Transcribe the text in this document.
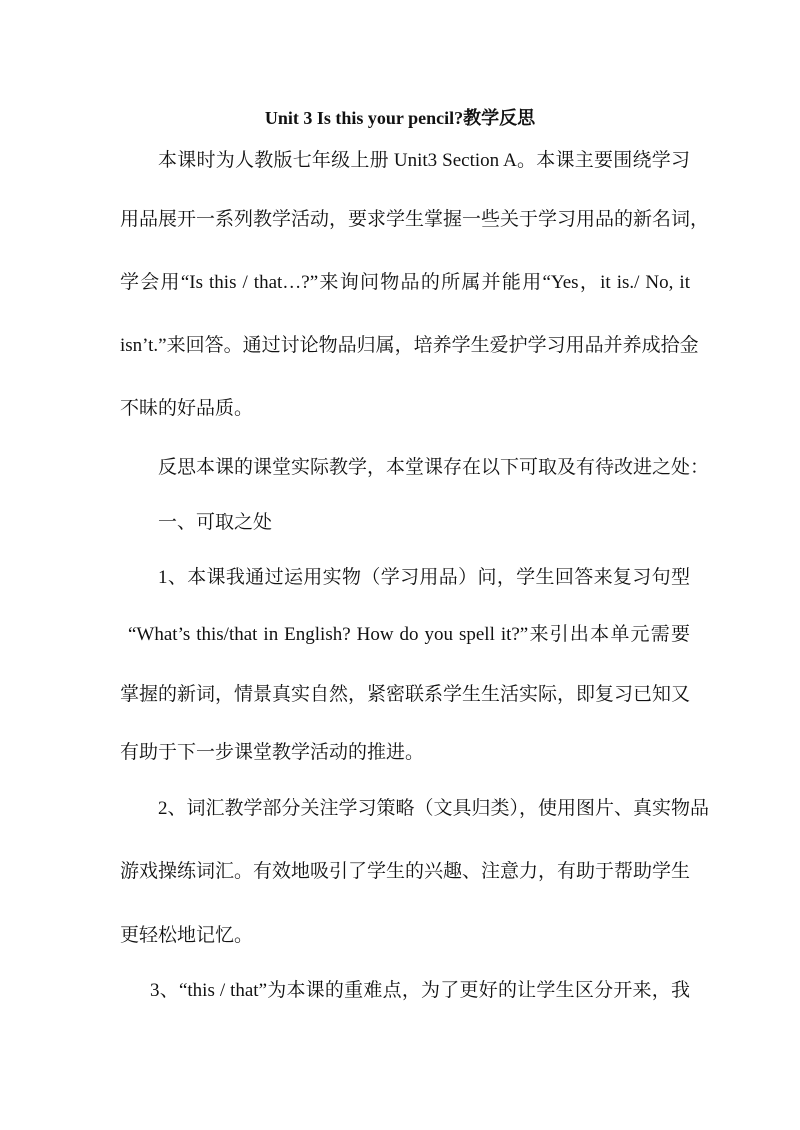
Unit 3 Is this your pencil?教学反思
本课时为人教版七年级上册 Unit3 Section A。本课主要围绕学习
用品展开一系列教学活动，要求学生掌握一些关于学习用品的新名词，
学会用“Is this / that…?”来询问物品的所属并能用“Yes，it is./ No, it
isn’t.”来回答。通过讨论物品归属，培养学生爱护学习用品并养成拾金
不昧的好品质。
反思本课的课堂实际教学，本堂课存在以下可取及有待改进之处：
一、可取之处
1、本课我通过运用实物（学习用品）问，学生回答来复习句型
“What’s this/that in English? How do you spell it?”来引出本单元需要
掌握的新词，情景真实自然，紧密联系学生生活实际，即复习已知又
有助于下一步课堂教学活动的推进。
2、词汇教学部分关注学习策略（文具归类），使用图片、真实物品
游戏操练词汇。有效地吸引了学生的兴趣、注意力，有助于帮助学生
更轻松地记忆。
3、“this / that”为本课的重难点，为了更好的让学生区分开来，我
